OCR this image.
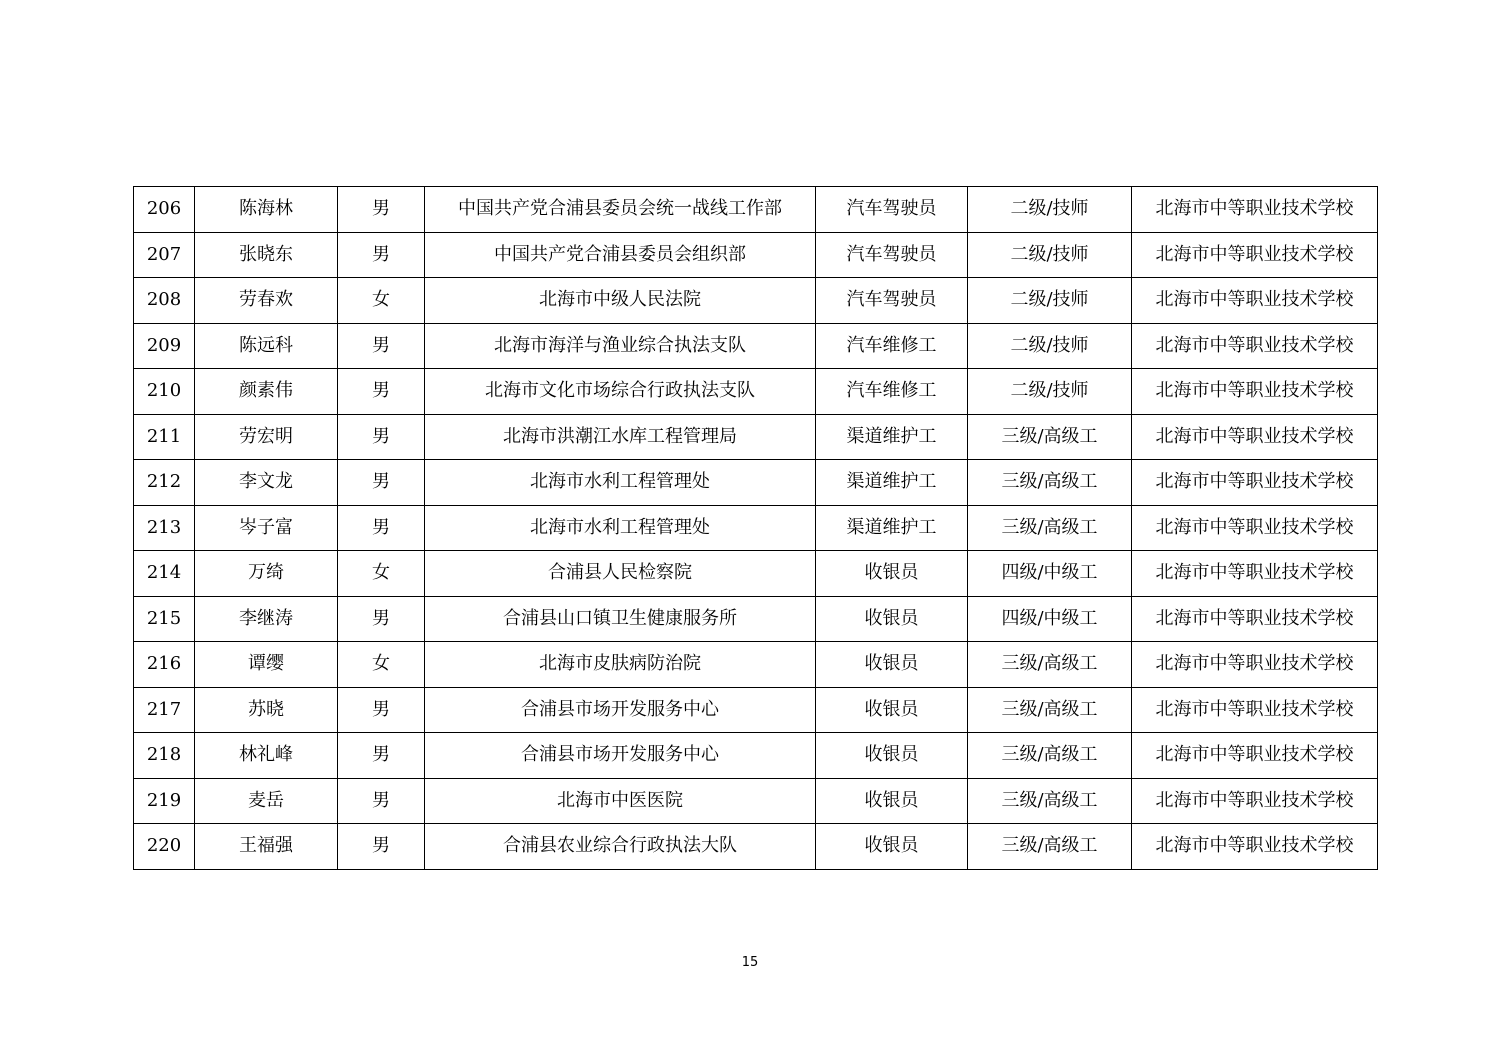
206	陈海林	男	中国共产党合浦县委员会统一战线工作部	汽车驾驶员	二级/技师	北海市中等职业技术学校
207	张晓东	男	中国共产党合浦县委员会组织部	汽车驾驶员	二级/技师	北海市中等职业技术学校
208	劳春欢	女	北海市中级人民法院	汽车驾驶员	二级/技师	北海市中等职业技术学校
209	陈远科	男	北海市海洋与渔业综合执法支队	汽车维修工	二级/技师	北海市中等职业技术学校
210	颜素伟	男	北海市文化市场综合行政执法支队	汽车维修工	二级/技师	北海市中等职业技术学校
211	劳宏明	男	北海市洪潮江水库工程管理局	渠道维护工	三级/高级工	北海市中等职业技术学校
212	李文龙	男	北海市水利工程管理处	渠道维护工	三级/高级工	北海市中等职业技术学校
213	岑子富	男	北海市水利工程管理处	渠道维护工	三级/高级工	北海市中等职业技术学校
214	万绮	女	合浦县人民检察院	收银员	四级/中级工	北海市中等职业技术学校
215	李继涛	男	合浦县山口镇卫生健康服务所	收银员	四级/中级工	北海市中等职业技术学校
216	谭缨	女	北海市皮肤病防治院	收银员	三级/高级工	北海市中等职业技术学校
217	苏晓	男	合浦县市场开发服务中心	收银员	三级/高级工	北海市中等职业技术学校
218	林礼峰	男	合浦县市场开发服务中心	收银员	三级/高级工	北海市中等职业技术学校
219	麦岳	男	北海市中医医院	收银员	三级/高级工	北海市中等职业技术学校
220	王福强	男	合浦县农业综合行政执法大队	收银员	三级/高级工	北海市中等职业技术学校
15
